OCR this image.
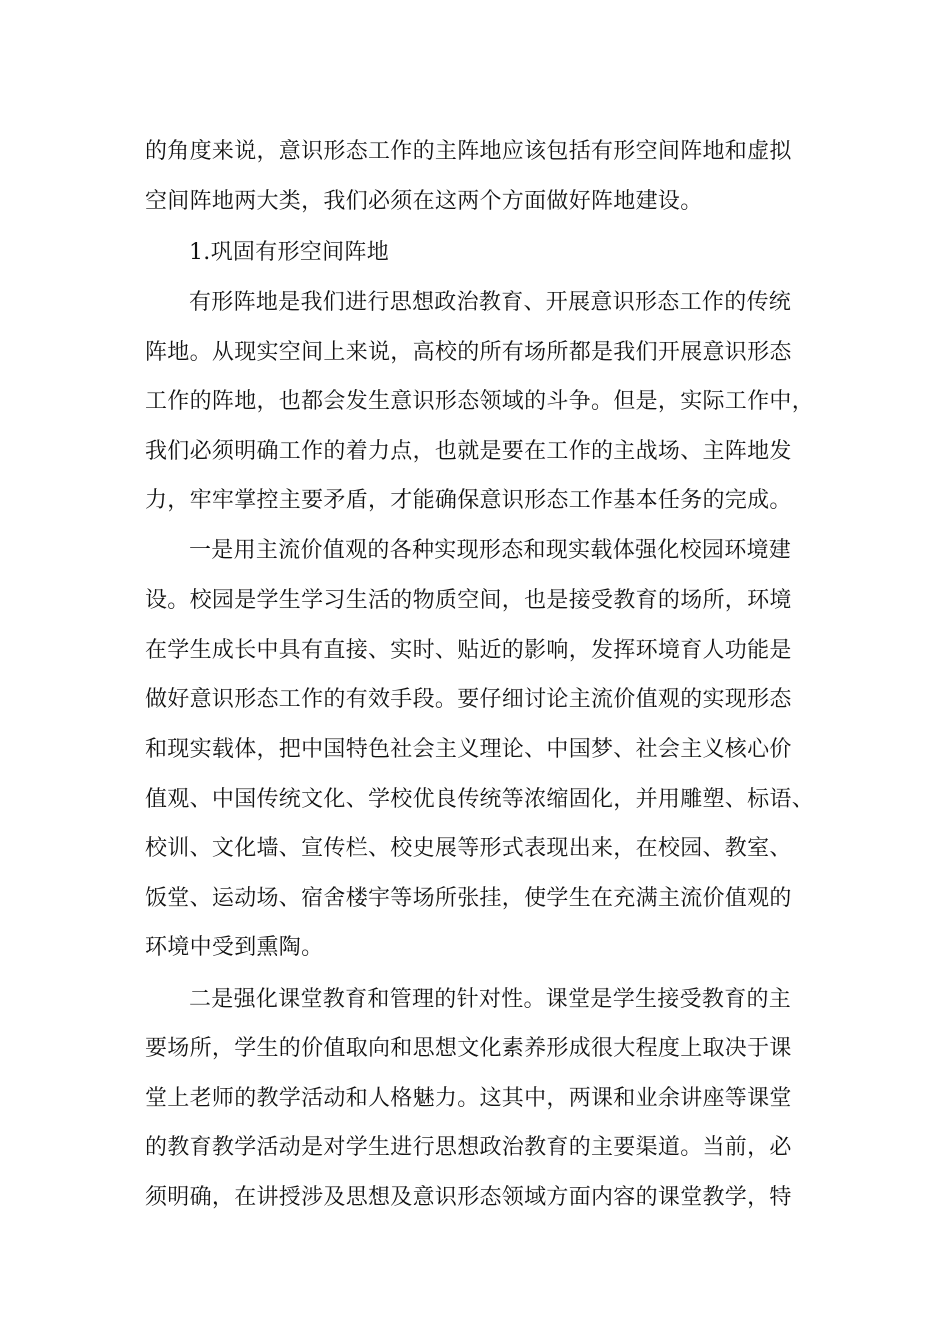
的角度来说，意识形态工作的主阵地应该包括有形空间阵地和虚拟
空间阵地两大类，我们必须在这两个方面做好阵地建设。
1.巩固有形空间阵地
有形阵地是我们进行思想政治教育、开展意识形态工作的传统
阵地。从现实空间上来说，高校的所有场所都是我们开展意识形态
工作的阵地，也都会发生意识形态领域的斗争。但是，实际工作中，
我们必须明确工作的着力点，也就是要在工作的主战场、主阵地发
力，牢牢掌控主要矛盾，才能确保意识形态工作基本任务的完成。
一是用主流价值观的各种实现形态和现实载体强化校园环境建
设。校园是学生学习生活的物质空间，也是接受教育的场所，环境
在学生成长中具有直接、实时、贴近的影响，发挥环境育人功能是
做好意识形态工作的有效手段。要仔细讨论主流价值观的实现形态
和现实载体，把中国特色社会主义理论、中国梦、社会主义核心价
值观、中国传统文化、学校优良传统等浓缩固化，并用雕塑、标语、
校训、文化墙、宣传栏、校史展等形式表现出来，在校园、教室、
饭堂、运动场、宿舍楼宇等场所张挂，使学生在充满主流价值观的
环境中受到熏陶。
二是强化课堂教育和管理的针对性。课堂是学生接受教育的主
要场所，学生的价值取向和思想文化素养形成很大程度上取决于课
堂上老师的教学活动和人格魅力。这其中，两课和业余讲座等课堂
的教育教学活动是对学生进行思想政治教育的主要渠道。当前，必
须明确，在讲授涉及思想及意识形态领域方面内容的课堂教学，特
